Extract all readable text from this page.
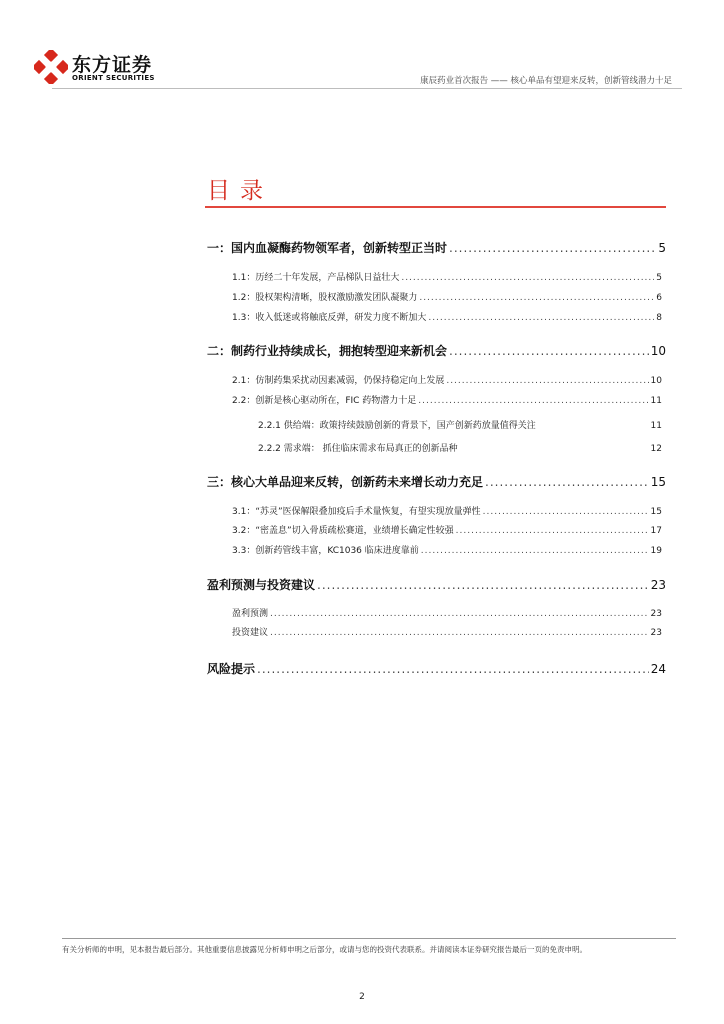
东方证券
ORIENT SECURITIES	康辰药业首次报告 —— 核心单品有望迎来反转，创新管线潜力十足
目录
一：国内血凝酶药物领军者，创新转型正当时 .....	5
1.1：历经二十年发展，产品梯队日益壮大 .....	5
1.2：股权架构清晰，股权激励激发团队凝聚力 .....	6
1.3：收入低迷或将触底反弹，研发力度不断加大 .....	8
二：制药行业持续成长，拥抱转型迎来新机会 .....	10
2.1：仿制药集采扰动因素减弱，仍保持稳定向上发展 .....	10
2.2：创新是核心驱动所在，FIC 药物潜力十足 .....	11
2.2.1 供给端：政策持续鼓励创新的背景下，国产创新药放量值得关注	11
2.2.2 需求端： 抓住临床需求布局真正的创新品种	12
三：核心大单品迎来反转，创新药未来增长动力充足 .....	15
3.1：“苏灵”医保解限叠加疫后手术量恢复，有望实现放量弹性 .....	15
3.2：“密盖息”切入骨质疏松赛道，业绩增长确定性较强 .....	17
3.3：创新药管线丰富，KC1036 临床进度靠前 .....	19
盈利预测与投资建议 .....	23
盈利预测 .....	23
投资建议 .....	23
风险提示 .....	24
有关分析师的申明，见本报告最后部分。其他重要信息披露见分析师申明之后部分，或请与您的投资代表联系。并请阅读本证券研究报告最后一页的免责申明。
2
